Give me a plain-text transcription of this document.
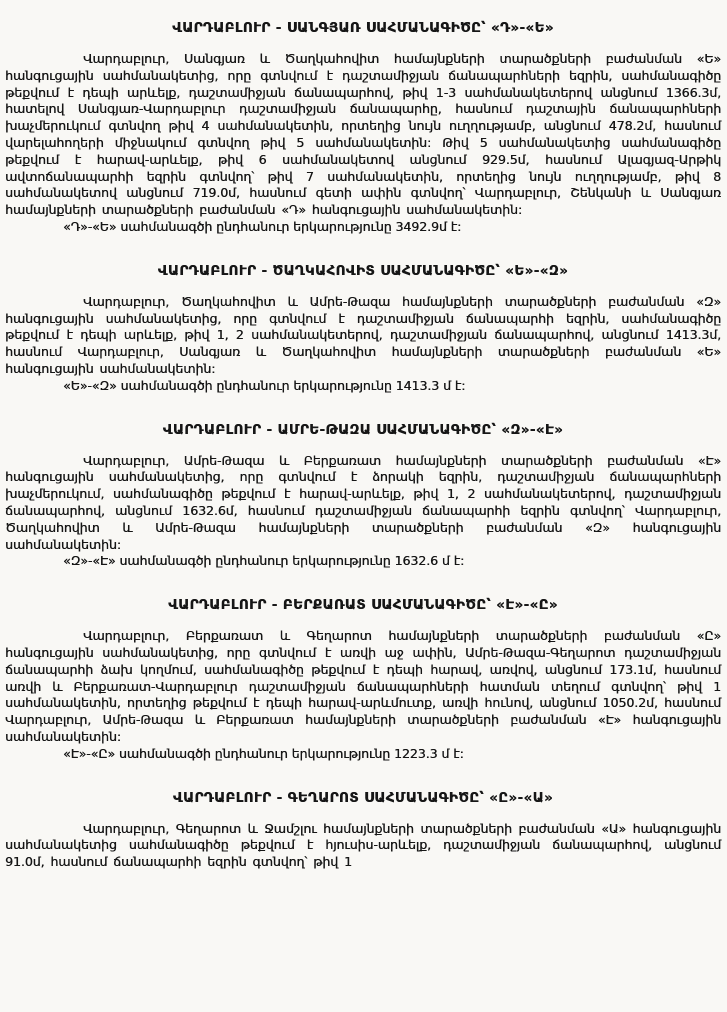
ՎԱՐԴԱԲԼՈՒՐ - ՍԱՆԳՅԱՌ ՍԱՀՄԱՆԱԳԻԾԸ՝ «Դ»-«Ե»

Վարդաբլուր, Սանգյառ և Ծաղկահովիտ համայնքների տարածքների բաժանման «Ե» հանգուցային սահմանակետից, որը գտնվում է դաշտամիջյան ճանապարհների եզրին, սահմանագիծը թեքվում է դեպի արևելք, դաշտամիջյան ճանապարհով, թիվ 1-3 սահմանակետերով անցնում 1366.3մ, հատելով Սանգյառ-Վարդաբլուր դաշտամիջյան ճանապարհը, հասնում դաշտային ճանապարհների խաչմերուկում գտնվող թիվ 4 սահմանակետին, որտեղից նույն ուղղությամբ, անցնում 478.2մ, հասնում վարելահողերի միջնակում գտնվող թիվ 5 սահմանակետին: Թիվ 5 սահմանակետից սահմանագիծը թեքվում է հարավ-արևելք, թիվ 6 սահմանակետով անցնում 929.5մ, հասնում Ալագյազ-Արթիկ ավտոճանապարհի եզրին գտնվող՝ թիվ 7 սահմանակետին, որտեղից նույն ուղղությամբ, թիվ 8 սահմանակետով անցնում 719.0մ, հասնում գետի ափին գտնվող՝ Վարդաբլուր, Շենկանի և Սանգյառ համայնքների տարածքների բաժանման «Դ» հանգուցային սահմանակետին:

«Դ»-«Ե» սահմանագծի ընդհանուր երկարությունը 3492.9մ է:

ՎԱՐԴԱԲԼՈՒՐ - ԾԱՂԿԱՀՈՎԻՏ ՍԱՀՄԱՆԱԳԻԾԸ՝ «Ե»-«Զ»

Վարդաբլուր, Ծաղկահովիտ և Ամրե-Թազա համայնքների տարածքների բաժանման «Զ» հանգուցային սահմանակետից, որը գտնվում է դաշտամիջյան ճանապարհի եզրին, սահմանագիծը թեքվում է դեպի արևելք, թիվ 1, 2 սահմանակետերով, դաշտամիջյան ճանապարհով, անցնում 1413.3մ, հասնում Վարդաբլուր, Սանգյառ և Ծաղկահովիտ համայնքների տարածքների բաժանման «Ե» հանգուցային սահմանակետին:

«Ե»-«Զ» սահմանագծի ընդհանուր երկարությունը 1413.3 մ է:

ՎԱՐԴԱԲԼՈՒՐ - ԱՄՐԵ-ԹԱԶԱ ՍԱՀՄԱՆԱԳԻԾԸ՝ «Զ»-«Է»

Վարդաբլուր, Ամրե-Թազա և Բերքառատ համայնքների տարածքների բաժանման «Է» հանգուցային սահմանակետից, որը գտնվում է ձորակի եզրին, դաշտամիջյան ճանապարհների խաչմերուկում, սահմանագիծը թեքվում է հարավ-արևելք, թիվ 1, 2 սահմանակետերով, դաշտամիջյան ճանապարհով, անցնում 1632.6մ, հասնում դաշտամիջյան ճանապարհի եզրին գտնվող՝ Վարդաբլուր, Ծաղկահովիտ և Ամրե-Թազա համայնքների տարածքների բաժանման «Զ» հանգուցային սահմանակետին:

«Զ»-«Է» սահմանագծի ընդհանուր երկարությունը 1632.6 մ է:

ՎԱՐԴԱԲԼՈՒՐ - ԲԵՐՔԱՌԱՏ ՍԱՀՄԱՆԱԳԻԾԸ՝ «Է»-«Ը»

Վարդաբլուր, Բերքառատ և Գեղարոտ համայնքների տարածքների բաժանման «Ը» հանգուցային սահմանակետից, որը գտնվում է առվի աջ ափին, Ամրե-Թազա-Գեղարոտ դաշտամիջյան ճանապարհի ձախ կողմում, սահմանագիծը թեքվում է դեպի հարավ, առվով, անցնում 173.1մ, հասնում առվի և Բերքառատ-Վարդաբլուր դաշտամիջյան ճանապարհների հատման տեղում գտնվող՝ թիվ 1 սահմանակետին, որտեղից թեքվում է դեպի հարավ-արևմուտք, առվի հունով, անցնում 1050.2մ, հասնում Վարդաբլուր, Ամրե-Թազա և Բերքառատ համայնքների տարածքների բաժանման «Է» հանգուցային սահմանակետին:

«Է»-«Ը» սահմանագծի ընդհանուր երկարությունը 1223.3 մ է:

ՎԱՐԴԱԲԼՈՒՐ - ԳԵՂԱՐՈՏ ՍԱՀՄԱՆԱԳԻԾԸ՝ «Ը»-«Ա»

Վարդաբլուր, Գեղարոտ և Ջամշլու համայնքների տարածքների բաժանման «Ա» հանգուցային սահմանակետից սահմանագիծը թեքվում է հյուսիս-արևելք, դաշտամիջյան ճանապարհով, անցնում 91.0մ, հասնում ճանապարհի եզրին գտնվող՝ թիվ 1
